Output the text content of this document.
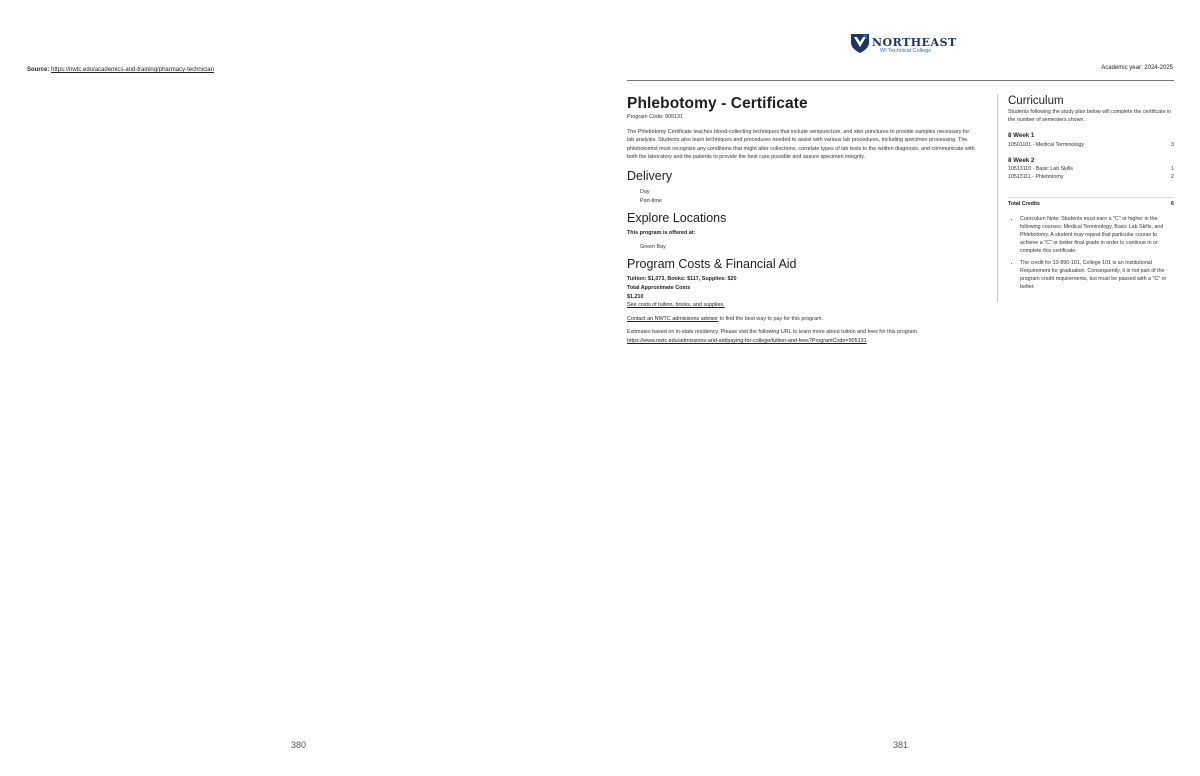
Source: https://nwtc.edu/academics-and-training/pharmacy-technician
380
NORTHEAST
WI Technical College
Academic year: 2024-2025
Phlebotomy - Certificate
Program Code: 905131

The Phlebotomy Certificate teaches blood-collecting techniques that include venipuncture, and skin punctures to provide samples necessary for lab analysis. Students also learn techniques and procedures needed to assist with various lab procedures, including specimen processing. The phlebotomist must recognize any conditions that might alter collections, correlate types of lab tests to the written diagnosis, and communicate with both the laboratory and the patients to provide the best care possible and assure specimen integrity.

Delivery
Day
Part-time
Explore Locations
This program is offered at:
Green Bay
Program Costs & Financial Aid
Tuition: $1,073, Books: $117, Supplies: $20
Total Approximate Costs
$1,210
See costs of tuition, books, and supplies.
Contact an NWTC admissions advisor to find the best way to pay for this program.
Estimates based on in-state residency. Please visit the following URL to learn more about tuition and fees for this program.
https://www.nwtc.edu/admissions-and-aid/paying-for-college/tuition-and-fees?ProgramCode=905131
Curriculum
Students following the study plan below will complete the certificate in the number of semesters shown.
8 Week 1
10501101 - Medical Terminology	3
8 Week 2
10513110 - Basic Lab Skills	1
10513111 - Phlebotomy	2
Total Credits	6
• Curriculum Note: Students must earn a "C" or higher in the following courses: Medical Terminology, Basic Lab Skills, and Phlebotomy. A student may repeat that particular course to achieve a "C" or better final grade in order to continue in or complete this certificate.
• The credit for 10-890-101, College 101 is an Institutional Requirement for graduation. Consequently, it is not part of the program credit requirements, but must be passed with a "C" or better.
381
